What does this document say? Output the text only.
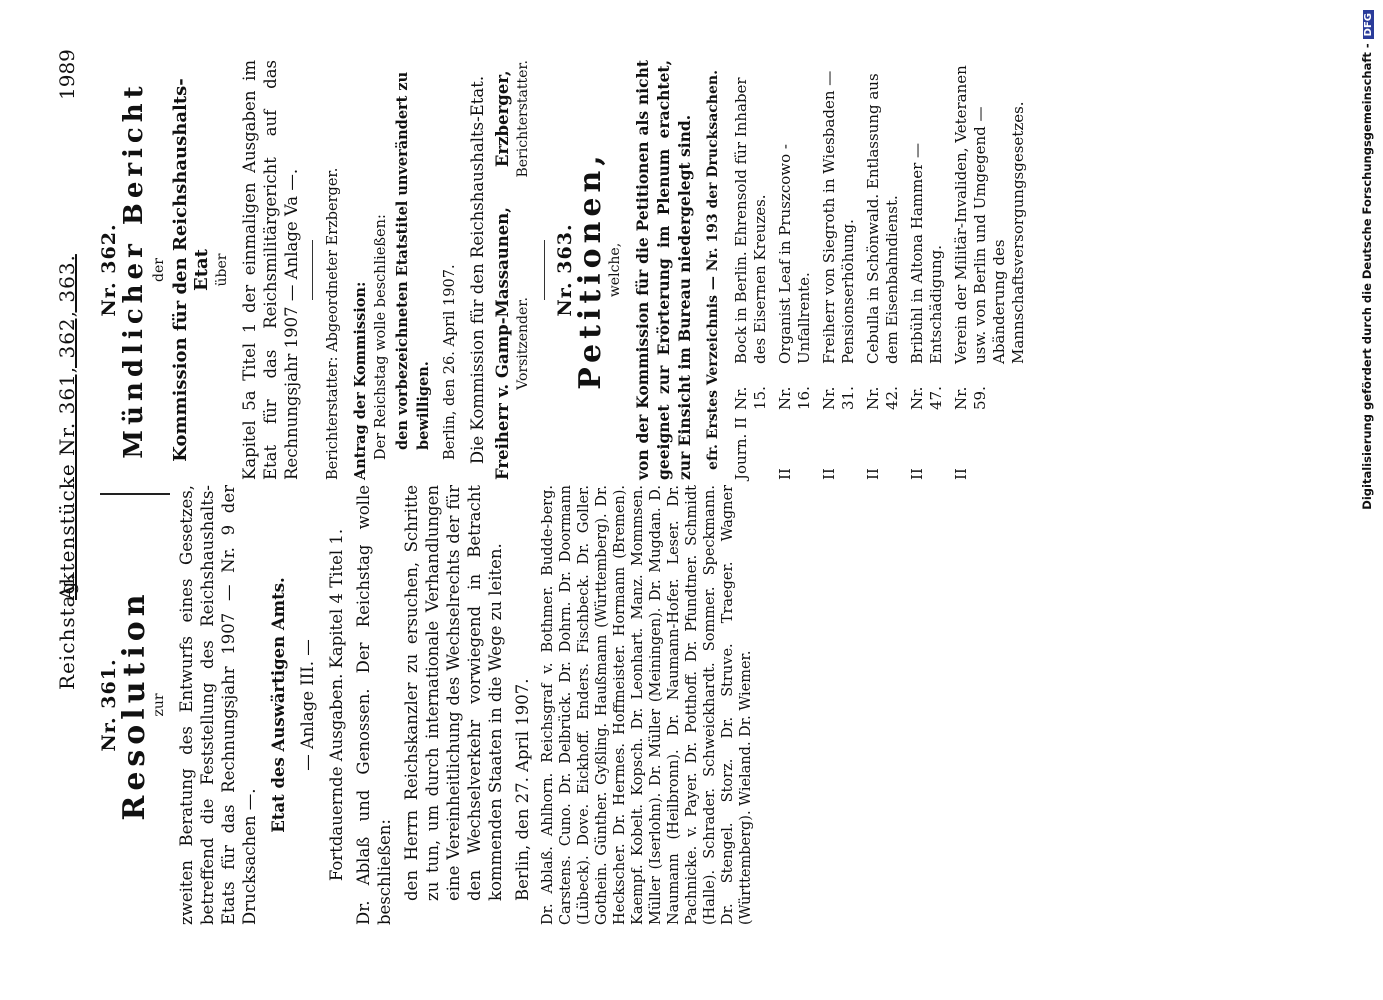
Reichstag.
Aktenstücke Nr. 361, 362, 363.
1989
Nr. 361.
Resolution zur zweiten Beratung des Entwurfs eines Gesetzes, betreffend die Feststellung des Reichshaushalts-Etats für das Rechnungsjahr 1907 — Nr. 9 der Drucksachen —.

Etat des Auswärtigen Amts. — Anlage III. — Fortdauernde Ausgaben. Kapitel 4 Titel 1. Dr. Ablaß und Genossen. Der Reichstag wolle beschließen: den Herrn Reichskanzler zu ersuchen, Schritte zu tun, um durch internationale Verhandlungen eine Vereinheitlichung des Wechselrechts der für den Wechselverkehr vorwiegend in Betracht kommenden Staaten in die Wege zu leiten. Berlin, den 27. April 1907. Dr. Ablaß. Ahlhorn. Reichsgraf v. Bothmer. Budde-berg. Carstens. Cuno. Dr. Delbrück. Dr. Dohrn. Dr. Doormann (Lübeck). Dove. Eickhoff. Enders. Fischbeck. Dr. Goller. Gothein. Günther. Gyßling. Haußmann (Württemberg). Dr. Heckscher. Dr. Hermes. Hoffmeister. Hormann (Bremen). Kaempf. Kobelt. Kopsch. Dr. Leonhart. Manz. Mommsen. Müller (Iserlohn). Dr. Müller (Meiningen). Dr. Mugdan. D. Naumann (Heilbronn). Dr. Naumann-Hofer. Leser. Dr. Pachnicke. v. Payer. Dr. Potthoff. Dr. Pfundtner. Schmidt (Halle). Schrader. Schweickhardt. Sommer. Speckmann. Dr. Stengel. Storz. Dr. Struve. Traeger. Wagner (Württemberg). Wieland. Dr. Wiemer.

Nr. 362. Mündlicher Bericht der Kommission für den Reichshaushalts-Etat über Kapitel 5a Titel 1 der einmaligen Ausgaben im Etat für das Reichsmilitärgericht auf das Rechnungsjahr 1907 — Anlage Va —. Berichterstatter: Abgeordneter Erzberger. Antrag der Kommission: Der Reichstag wolle beschließen: den vorbezeichneten Etatstitel unverändert zu bewilligen. Berlin, den 26. April 1907. Die Kommission für den Reichshaushalts-Etat. Freiherr v. Gamp-Massaunen, Vorsitzender.
Erzberger, Berichterstatter.
Nr. 363.
Petitionen, welche, von der Kommission für die Petitionen als nicht geeignet zur Erörterung im Plenum erachtet, zur Einsicht im Bureau niedergelegt sind. efr. Erstes Verzeichnis — Nr. 193 der Drucksachen. Journ. II
Nr. 15.
Bock in Berlin. Ehrensold für Inhaber des Eisernen Kreuzes.
II
Nr. 16.
Organist Leaf in Pruszcowo - Unfallrente.
II
Nr. 31.
Freiherr von Siegroth in Wiesbaden — Pensionserhöhung.
II
Nr. 42.
Cebulla in Schönwald. Entlassung aus dem Eisenbahndienst.
II
Nr. 47.
Bribühl in Altona Hammer — Entschädigung.
II
Nr. 59.
Verein der Militär-Invaliden, Veteranen usw. von Berlin und Umgegend — Abänderung des Mannschaftsversorgungsgesetzes.	Digitalisierung gefördert durch die Deutsche Forschungsgemeinschaft -DFG
